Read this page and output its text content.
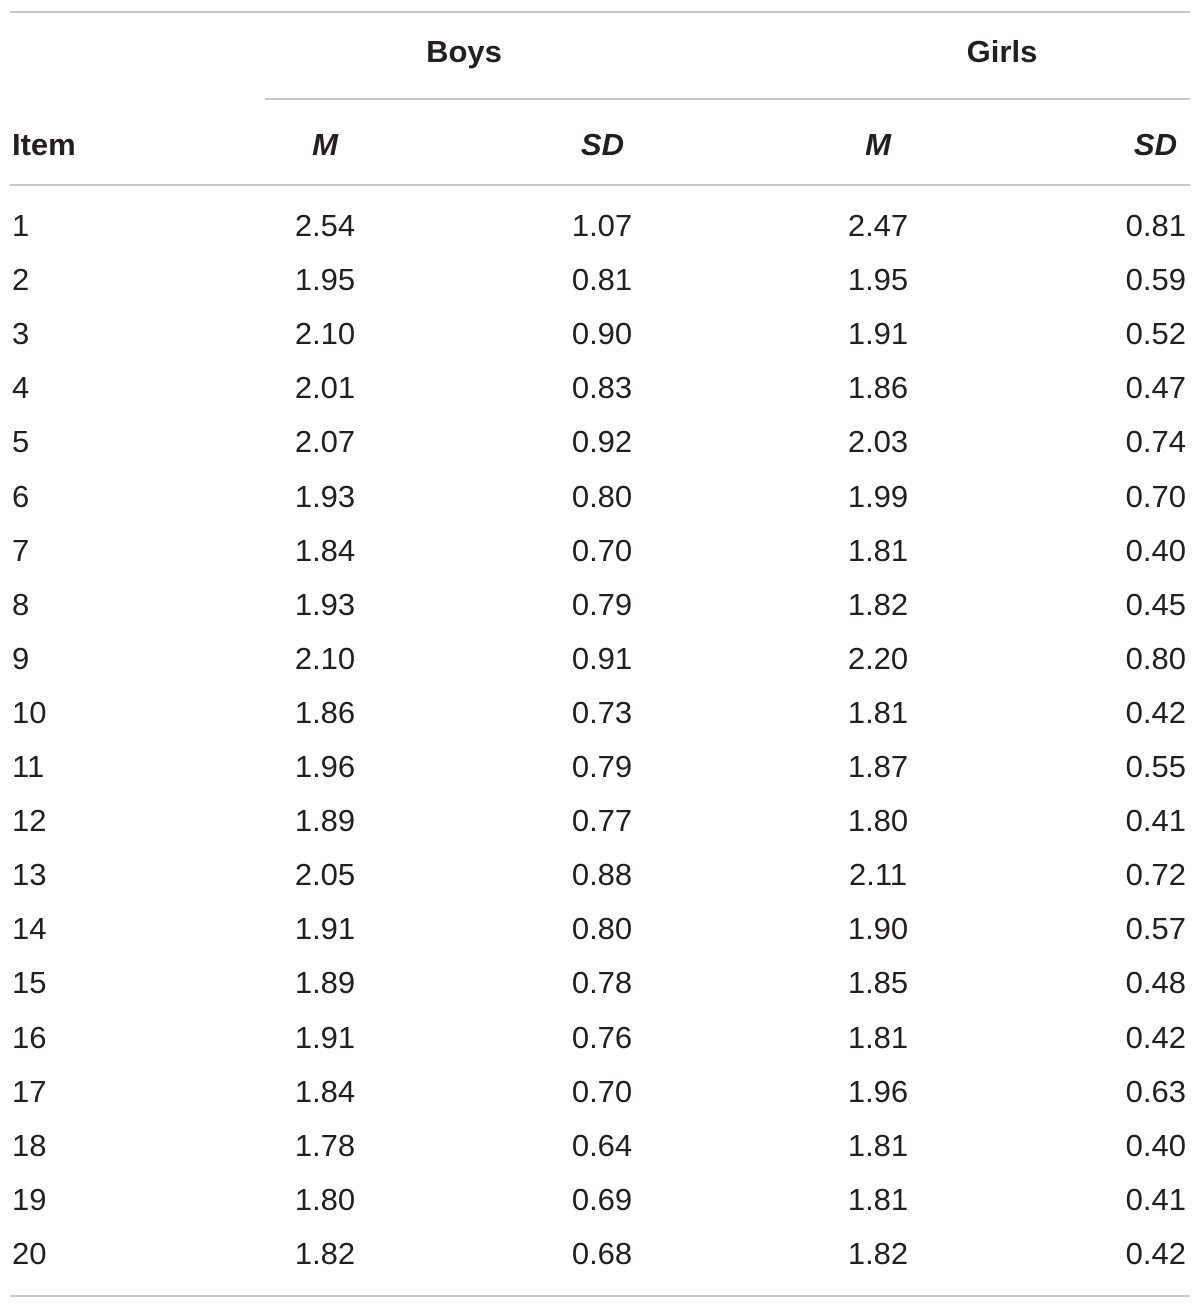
Boys	Girls
Item	M	SD	M	SD
1	2.54	1.07	2.47	0.81
2	1.95	0.81	1.95	0.59
3	2.10	0.90	1.91	0.52
4	2.01	0.83	1.86	0.47
5	2.07	0.92	2.03	0.74
6	1.93	0.80	1.99	0.70
7	1.84	0.70	1.81	0.40
8	1.93	0.79	1.82	0.45
9	2.10	0.91	2.20	0.80
10	1.86	0.73	1.81	0.42
11	1.96	0.79	1.87	0.55
12	1.89	0.77	1.80	0.41
13	2.05	0.88	2.11	0.72
14	1.91	0.80	1.90	0.57
15	1.89	0.78	1.85	0.48
16	1.91	0.76	1.81	0.42
17	1.84	0.70	1.96	0.63
18	1.78	0.64	1.81	0.40
19	1.80	0.69	1.81	0.41
20	1.82	0.68	1.82	0.42
